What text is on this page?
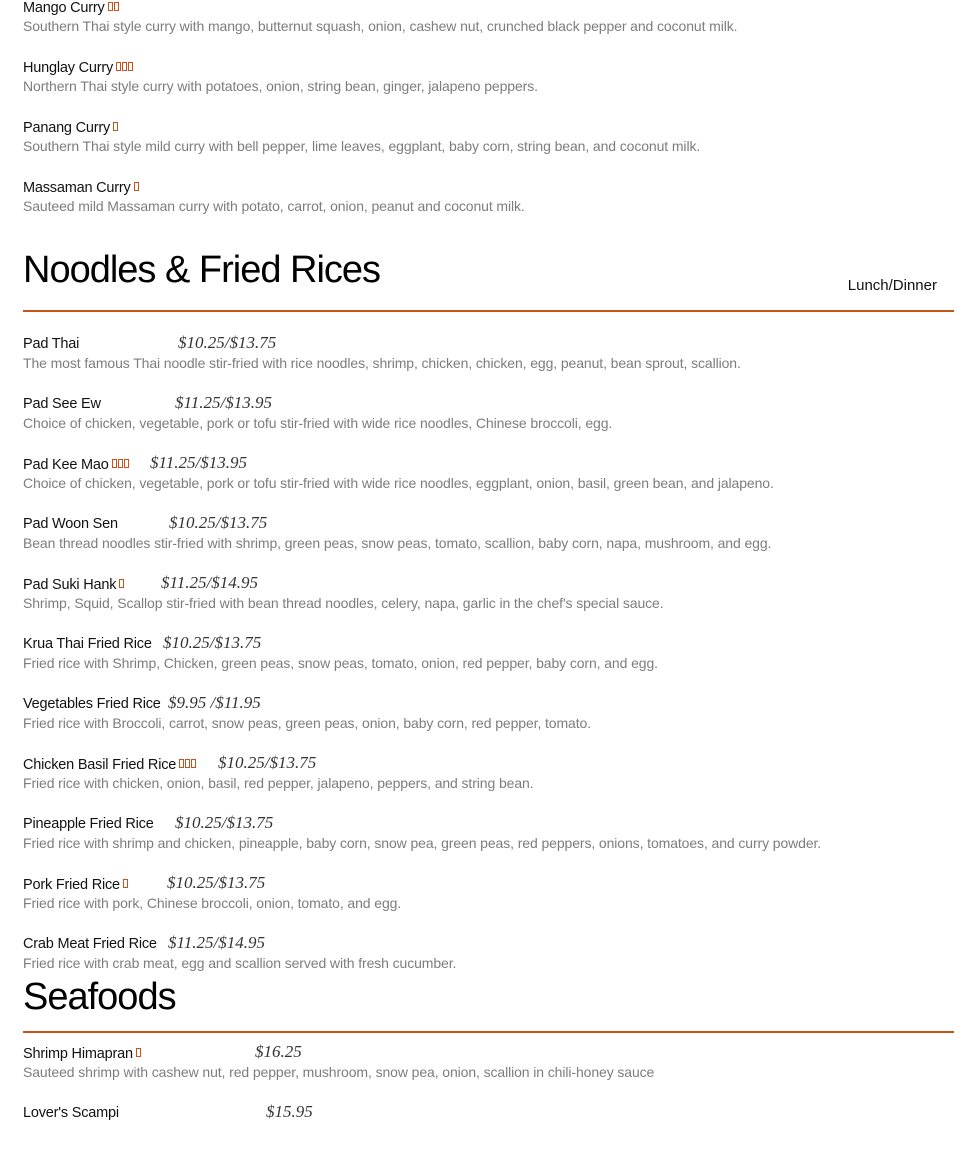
Mango Curry
Southern Thai style curry with mango, butternut squash, onion, cashew nut, crunched black pepper and coconut milk.
Hunglay Curry
Northern Thai style curry with potatoes, onion, string bean, ginger, jalapeno peppers.
Panang Curry
Southern Thai style mild curry with bell pepper, lime leaves, eggplant, baby corn, string bean, and coconut milk.
Massaman Curry
Sauteed mild Massaman curry with potato, carrot, onion, peanut and coconut milk.
Noodles & Fried Rices	Lunch/Dinner
Pad Thai	$10.25/$13.75
The most famous Thai noodle stir-fried with rice noodles, shrimp, chicken, chicken, egg, peanut, bean sprout, scallion.
Pad See Ew	$11.25/$13.95
Choice of chicken, vegetable, pork or tofu stir-fried with wide rice noodles, Chinese broccoli, egg.
Pad Kee Mao $11.25/$13.95
Choice of chicken, vegetable, pork or tofu stir-fried with wide rice noodles, eggplant, onion, basil, green bean, and jalapeno.
Pad Woon Sen	$10.25/$13.75
Bean thread noodles stir-fried with shrimp, green peas, snow peas, tomato, scallion, baby corn, napa, mushroom, and egg.
Pad Suki Hank	$11.25/$14.95
Shrimp, Squid, Scallop stir-fried with bean thread noodles, celery, napa, garlic in the chef's special sauce.
Krua Thai Fried Rice $10.25/$13.75
Fried rice with Shrimp, Chicken, green peas, snow peas, tomato, onion, red pepper, baby corn, and egg.
Vegetables Fried Rice $9.95 /$11.95
Fried rice with Broccoli, carrot, snow peas, green peas, onion, baby corn, red pepper, tomato.
Chicken Basil Fried Rice $10.25/$13.75
Fried rice with chicken, onion, basil, red pepper, jalapeno, peppers, and string bean.
Pineapple Fried Rice $10.25/$13.75
Fried rice with shrimp and chicken, pineapple, baby corn, snow pea, green peas, red peppers, onions, tomatoes, and curry powder.
Pork Fried Rice	$10.25/$13.75
Fried rice with pork, Chinese broccoli, onion, tomato, and egg.
Crab Meat Fried Rice $11.25/$14.95
Fried rice with crab meat, egg and scallion served with fresh cucumber.
Seafoods
Shrimp Himapran	$16.25
Sauteed shrimp with cashew nut, red pepper, mushroom, snow pea, onion, scallion in chili-honey sauce
Lover's Scampi	$15.95
